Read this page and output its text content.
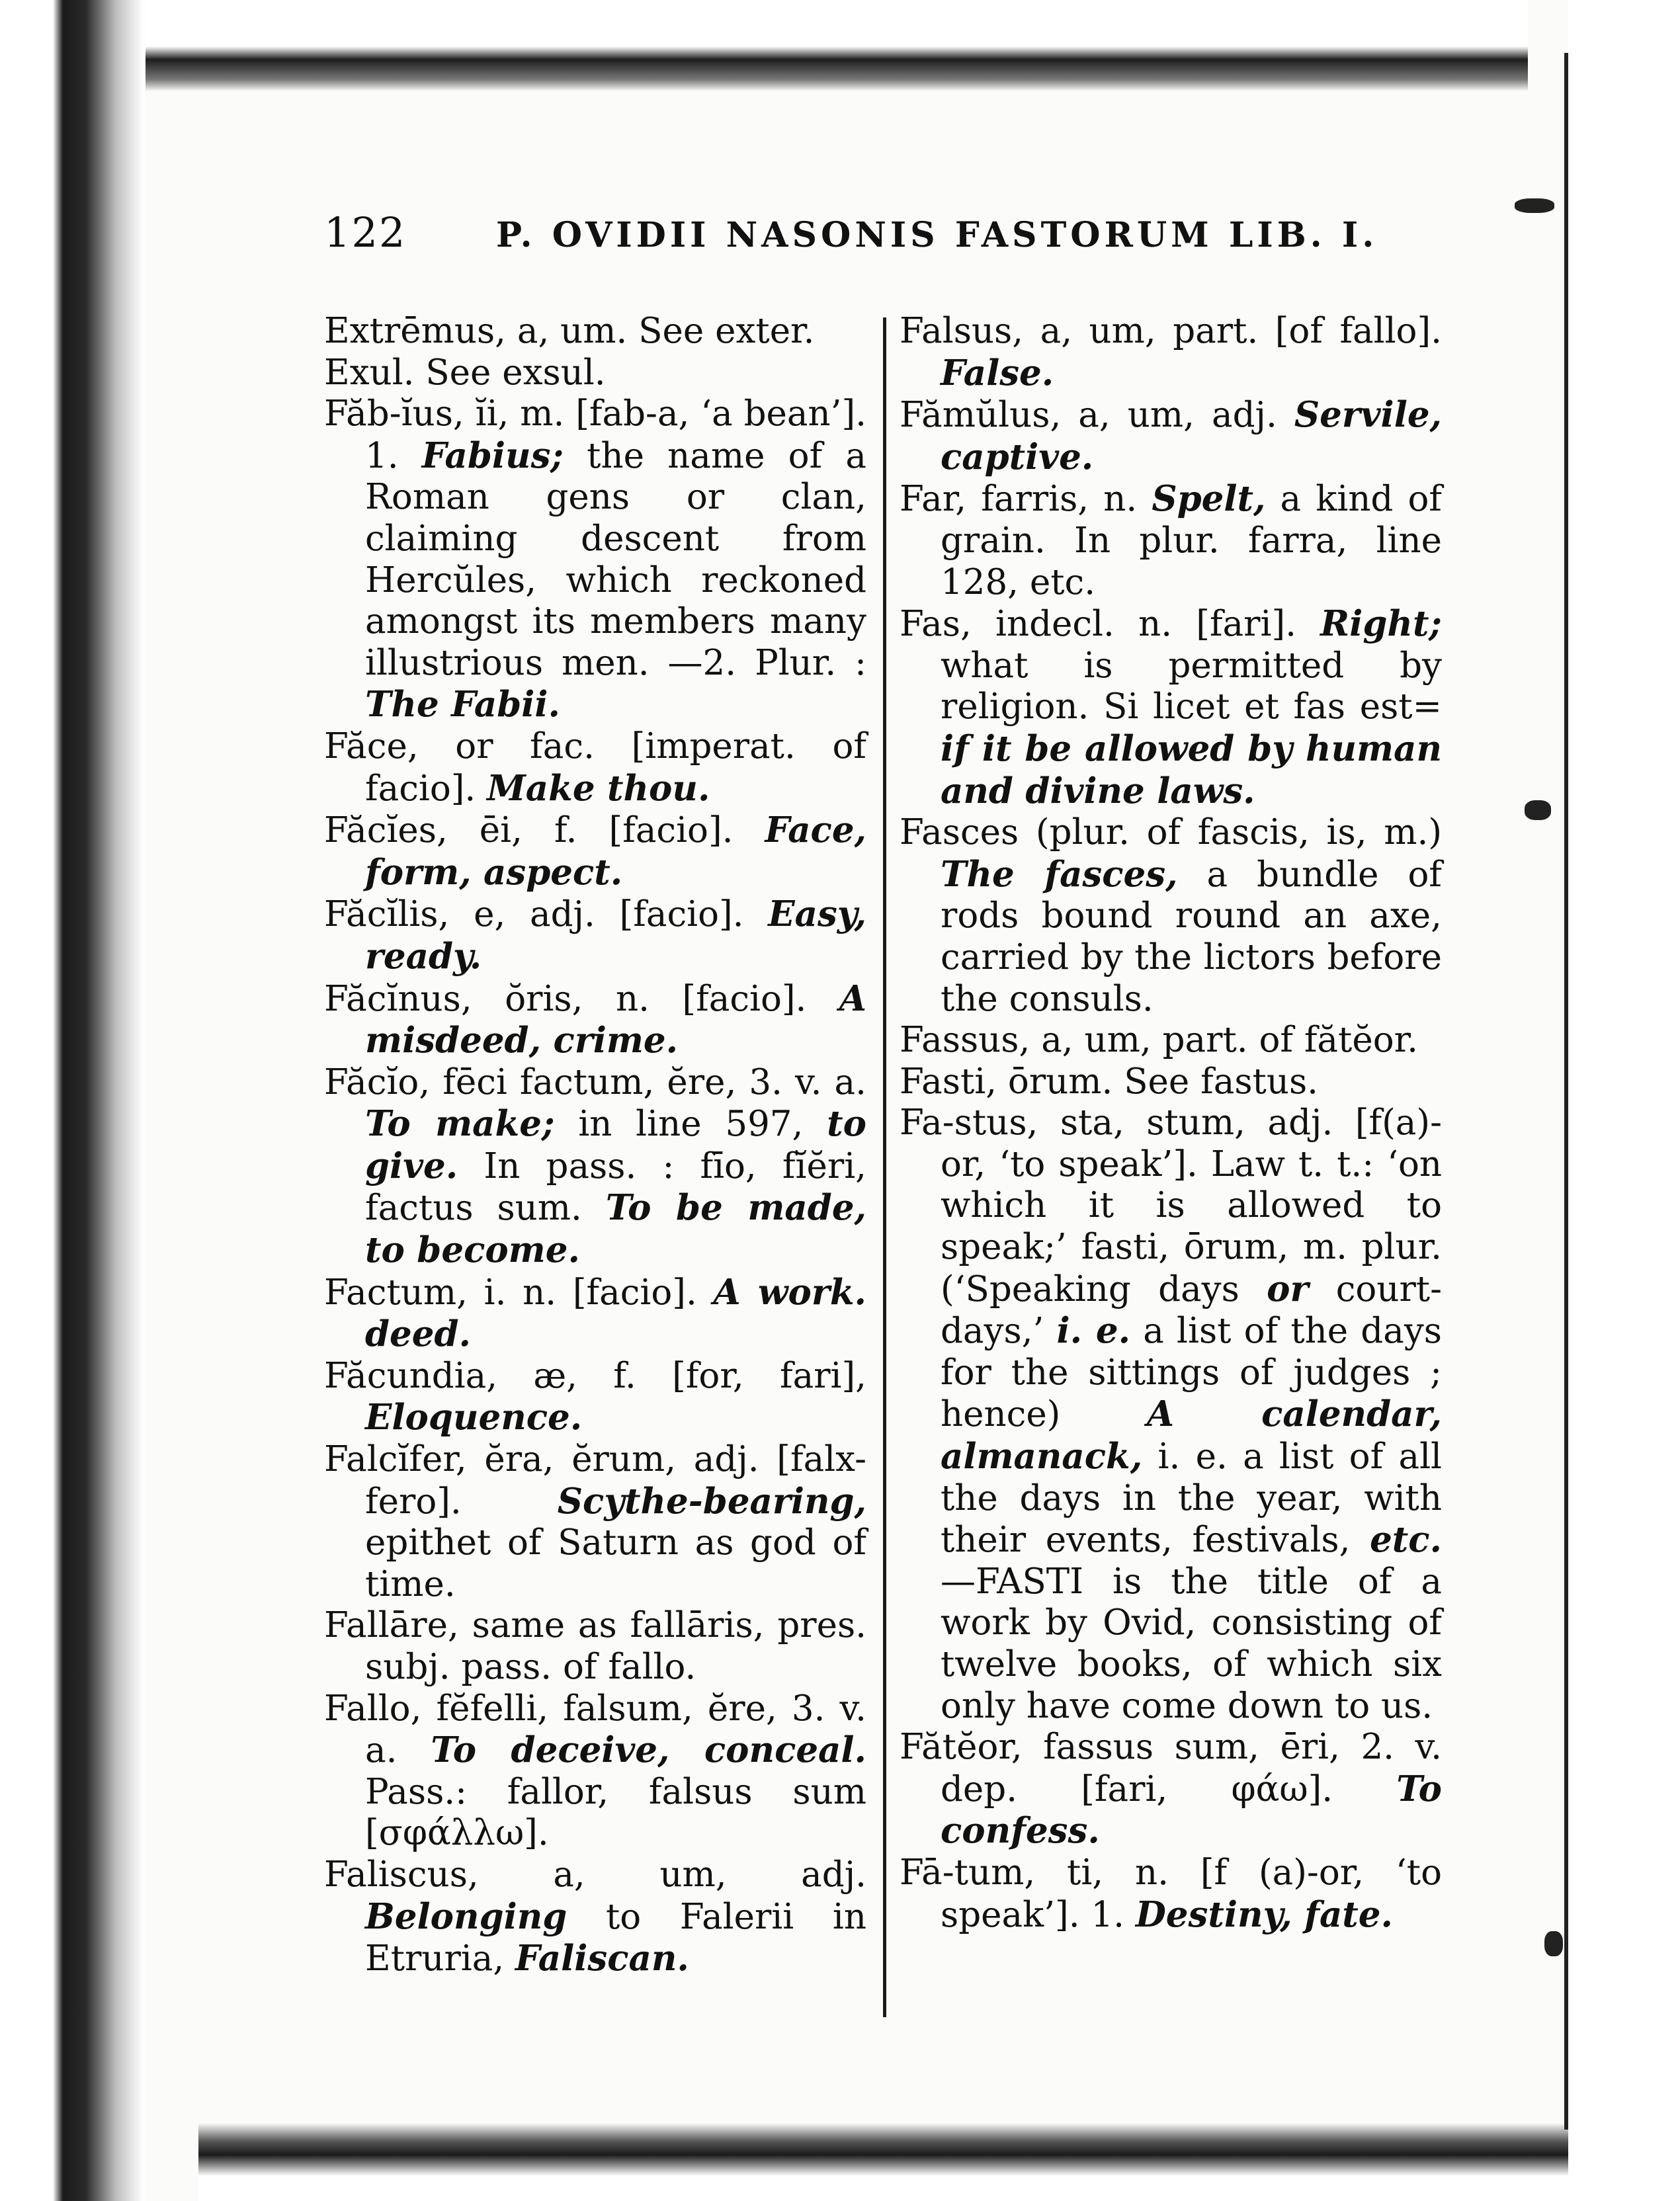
122	P. OVIDII NASONIS FASTORUM LIB. I.

Extrēmus, a, um. See exter.

Exul. See exsul.

Făb-ĭus, ĭi, m. [fab-a, ‘a bean’]. 1. Fabius; the name of a Roman gens or clan, claiming descent from Hercŭles, which reckoned amongst its members many illustrious men. —2. Plur. : The Fabii.

Făce, or fac. [imperat. of facio]. Make thou.

Făcĭes, ēi, f. [facio]. Face, form, aspect.

Făcĭlis, e, adj. [facio]. Easy, ready.

Făcĭnus, ŏris, n. [facio]. A misdeed, crime.

Făcĭo, fēci factum, ĕre, 3. v. a. To make; in line 597, to give. In pass. : fīo, fĭĕri, factus sum. To be made, to become.

Factum, i. n. [facio]. A work. deed.

Făcundia, æ, f. [for, fari], Eloquence.

Falcĭfer, ĕra, ĕrum, adj. [falx-fero]. Scythe-bearing, epithet of Saturn as god of time.

Fallāre, same as fallāris, pres. subj. pass. of fallo.

Fallo, fĕfelli, falsum, ĕre, 3. v. a. To deceive, conceal. Pass.: fallor, falsus sum [σφάλλω].

Faliscus, a, um, adj. Belonging to Falerii in Etruria, Faliscan.

Falsus, a, um, part. [of fallo]. False.

Fămŭlus, a, um, adj. Servile, captive.

Far, farris, n. Spelt, a kind of grain. In plur. farra, line 128, etc.

Fas, indecl. n. [fari]. Right; what is permitted by religion. Si licet et fas est= if it be allowed by human and divine laws.

Fasces (plur. of fascis, is, m.) The fasces, a bundle of rods bound round an axe, carried by the lictors before the consuls.

Fassus, a, um, part. of fătĕor.

Fasti, ōrum. See fastus.

Fa-stus, sta, stum, adj. [f(a)-or, ‘to speak’]. Law t. t.: ‘on which it is allowed to speak;’ fasti, ōrum, m. plur. (‘Speaking days or court-days,’ i. e. a list of the days for the sittings of judges ; hence) A calendar, almanack, i. e. a list of all the days in the year, with their events, festivals, etc.—FASTI is the title of a work by Ovid, consisting of twelve books, of which six only have come down to us.

Fătĕor, fassus sum, ēri, 2. v. dep. [fari, φάω]. To confess.

Fā-tum, ti, n. [f (a)-or, ‘to speak’]. 1. Destiny, fate.
